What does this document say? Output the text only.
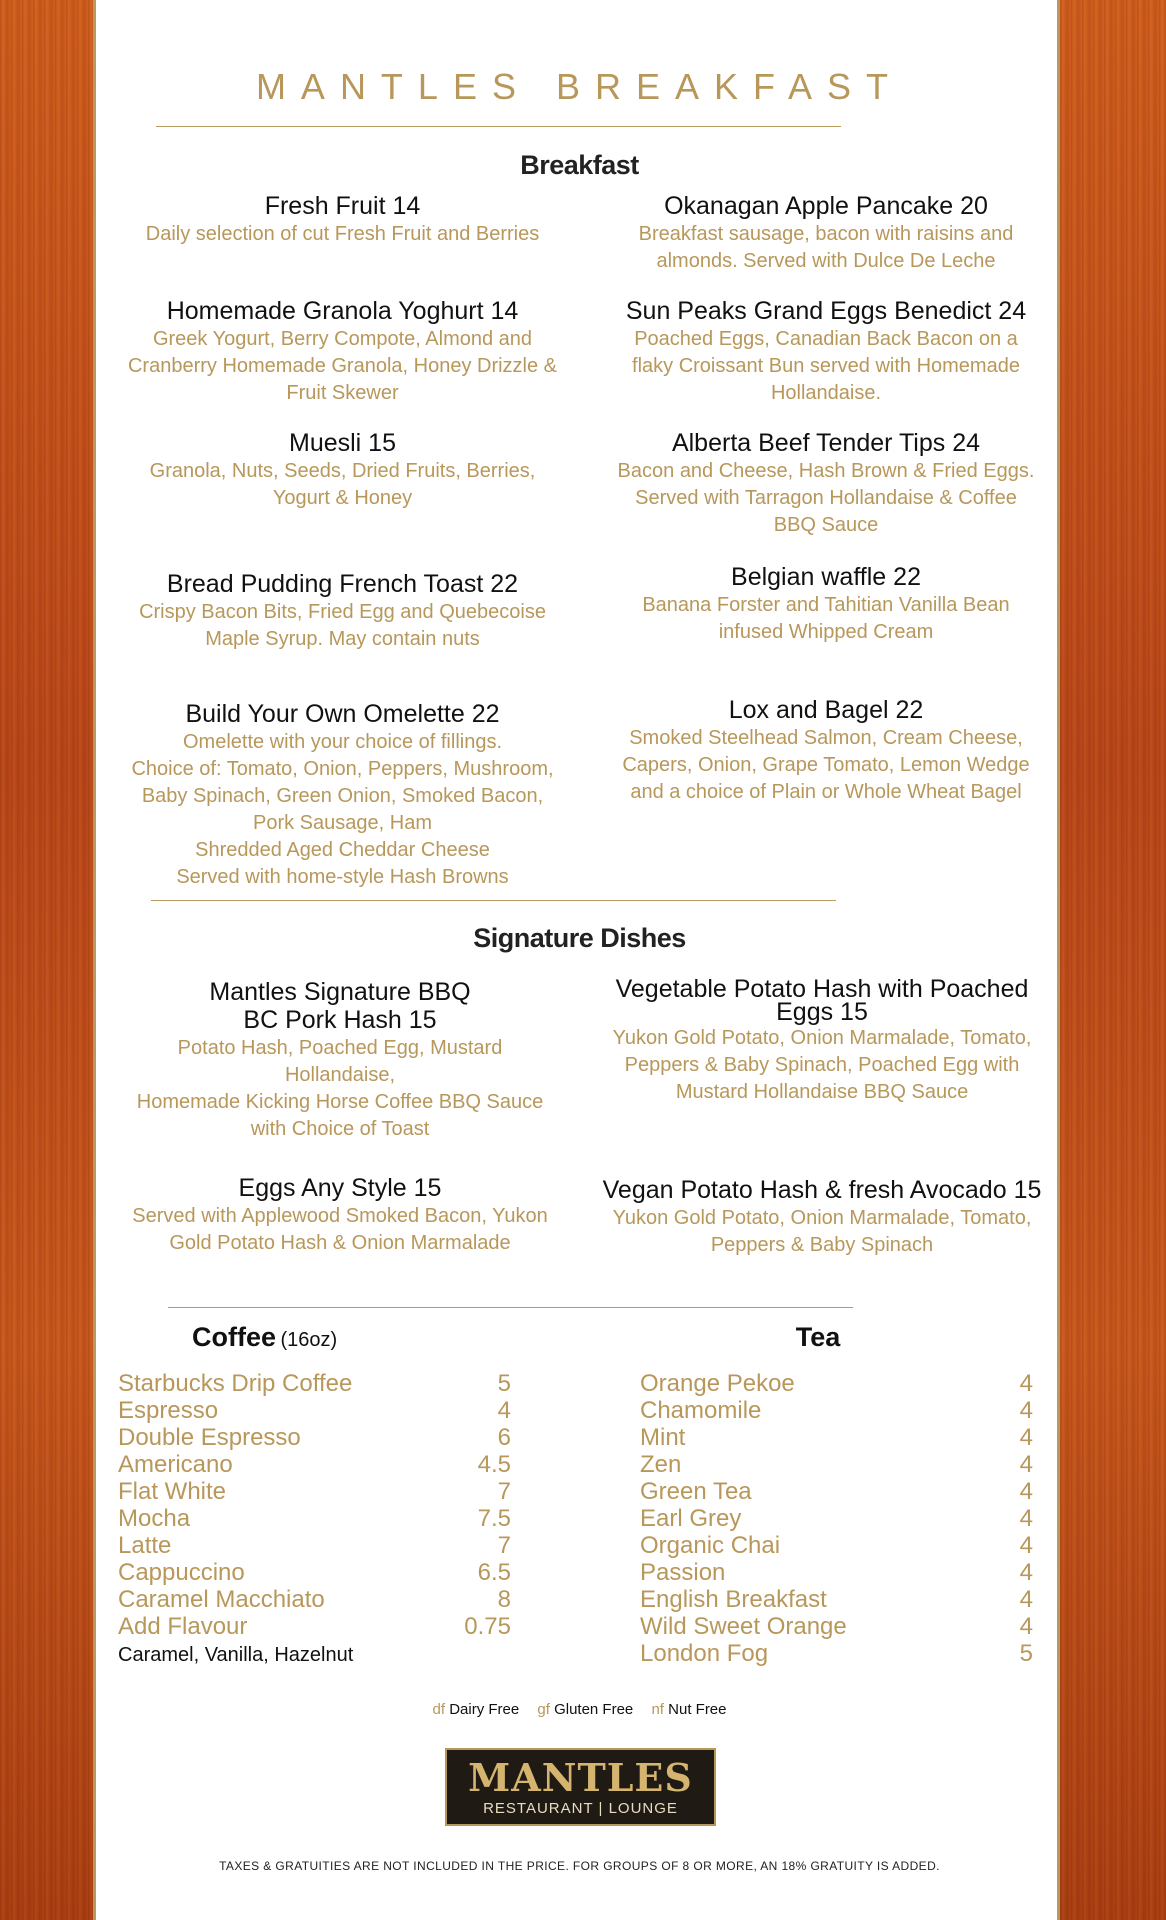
MANTLES BREAKFAST
Breakfast
Fresh Fruit 14
Daily selection of cut Fresh Fruit and Berries
Homemade Granola Yoghurt 14
Greek Yogurt, Berry Compote, Almond and
Cranberry Homemade Granola, Honey Drizzle &
Fruit Skewer
Muesli 15
Granola, Nuts, Seeds, Dried Fruits, Berries,
Yogurt & Honey
Bread Pudding French Toast 22
Crispy Bacon Bits, Fried Egg and Quebecoise
Maple Syrup. May contain nuts
Build Your Own Omelette 22
Omelette with your choice of fillings.
Choice of: Tomato, Onion, Peppers, Mushroom,
Baby Spinach, Green Onion, Smoked Bacon,
Pork Sausage, Ham
Shredded Aged Cheddar Cheese
Served with home-style Hash Browns
Okanagan Apple Pancake 20
Breakfast sausage, bacon with raisins and
almonds. Served with Dulce De Leche
Sun Peaks Grand Eggs Benedict 24
Poached Eggs, Canadian Back Bacon on a
flaky Croissant Bun served with Homemade
Hollandaise.
Alberta Beef Tender Tips 24
Bacon and Cheese, Hash Brown & Fried Eggs.
Served with Tarragon Hollandaise & Coffee
BBQ Sauce
Belgian waffle 22
Banana Forster and Tahitian Vanilla Bean
infused Whipped Cream
Lox and Bagel 22
Smoked Steelhead Salmon, Cream Cheese,
Capers, Onion, Grape Tomato, Lemon Wedge
and a choice of Plain or Whole Wheat Bagel
Signature Dishes
Mantles Signature BBQ
BC Pork Hash 15
Potato Hash, Poached Egg, Mustard
Hollandaise,
Homemade Kicking Horse Coffee BBQ Sauce
with Choice of Toast
Eggs Any Style 15
Served with Applewood Smoked Bacon, Yukon
Gold Potato Hash & Onion Marmalade
Vegetable Potato Hash with Poached
Eggs 15
Yukon Gold Potato, Onion Marmalade, Tomato,
Peppers & Baby Spinach, Poached Egg with
Mustard Hollandaise BBQ Sauce
Vegan Potato Hash & fresh Avocado 15
Yukon Gold Potato, Onion Marmalade, Tomato,
Peppers & Baby Spinach
Coffee (16oz)
Starbucks Drip Coffee	5
Espresso	4
Double Espresso	6
Americano	4.5
Flat White	7
Mocha	7.5
Latte	7
Cappuccino	6.5
Caramel Macchiato	8
Add Flavour	0.75
Caramel, Vanilla, Hazelnut
Tea
Orange Pekoe	4
Chamomile	4
Mint	4
Zen	4
Green Tea	4
Earl Grey	4
Organic Chai	4
Passion	4
English Breakfast	4
Wild Sweet Orange	4
London Fog	5
df Dairy Free gf Gluten Free nf Nut Free
MANTLES
RESTAURANT | LOUNGE
TAXES & GRATUITIES ARE NOT INCLUDED IN THE PRICE. FOR GROUPS OF 8 OR MORE, AN 18% GRATUITY IS ADDED.
